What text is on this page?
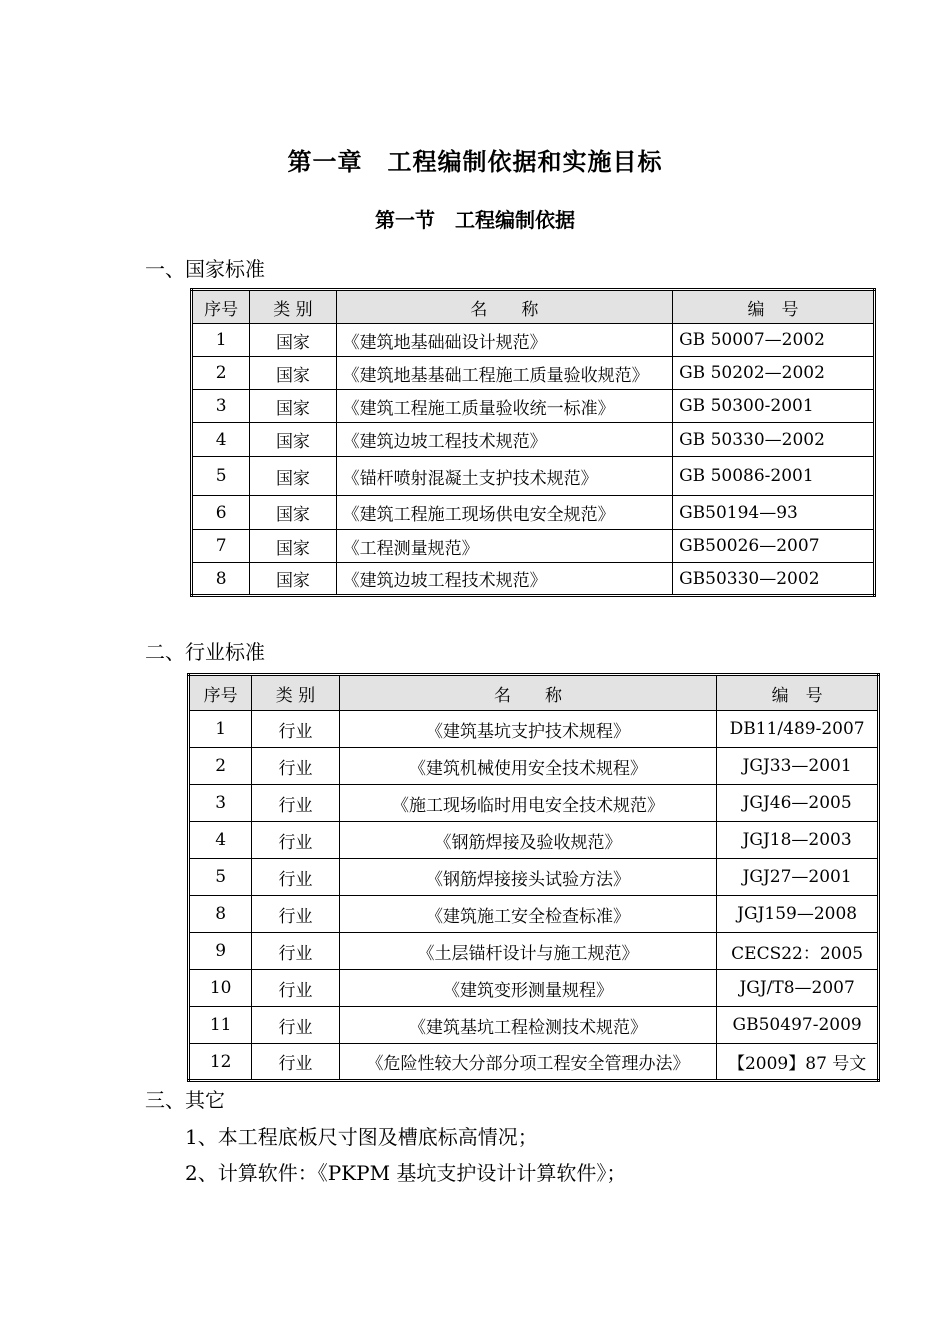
第一章　工程编制依据和实施目标
第一节　工程编制依据
一、国家标准
序号	类 别	名　　称	编　号
1	国家	《建筑地基础础设计规范》	GB 50007—2002
2	国家	《建筑地基基础工程施工质量验收规范》	GB 50202—2002
3	国家	《建筑工程施工质量验收统一标准》	GB 50300-2001
4	国家	《建筑边坡工程技术规范》	GB 50330—2002
5	国家	《锚杆喷射混凝土支护技术规范》	GB 50086-2001
6	国家	《建筑工程施工现场供电安全规范》	GB50194—93
7	国家	《工程测量规范》	GB50026—2007
8	国家	《建筑边坡工程技术规范》	GB50330—2002
二、行业标准
序号	类 别	名　　称	编　号
1	行业	《建筑基坑支护技术规程》	DB11/489-2007
2	行业	《建筑机械使用安全技术规程》	JGJ33—2001
3	行业	《施工现场临时用电安全技术规范》	JGJ46—2005
4	行业	《钢筋焊接及验收规范》	JGJ18—2003
5	行业	《钢筋焊接接头试验方法》	JGJ27—2001
8	行业	《建筑施工安全检查标准》	JGJ159—2008
9	行业	《土层锚杆设计与施工规范》	CECS22：2005
10	行业	《建筑变形测量规程》	JGJ/T8—2007
11	行业	《建筑基坑工程检测技术规范》	GB50497-2009
12	行业	《危险性较大分部分项工程安全管理办法》	【2009】87 号文
三、其它
1、本工程底板尺寸图及槽底标高情况；
2、计算软件：《PKPM 基坑支护设计计算软件》；
